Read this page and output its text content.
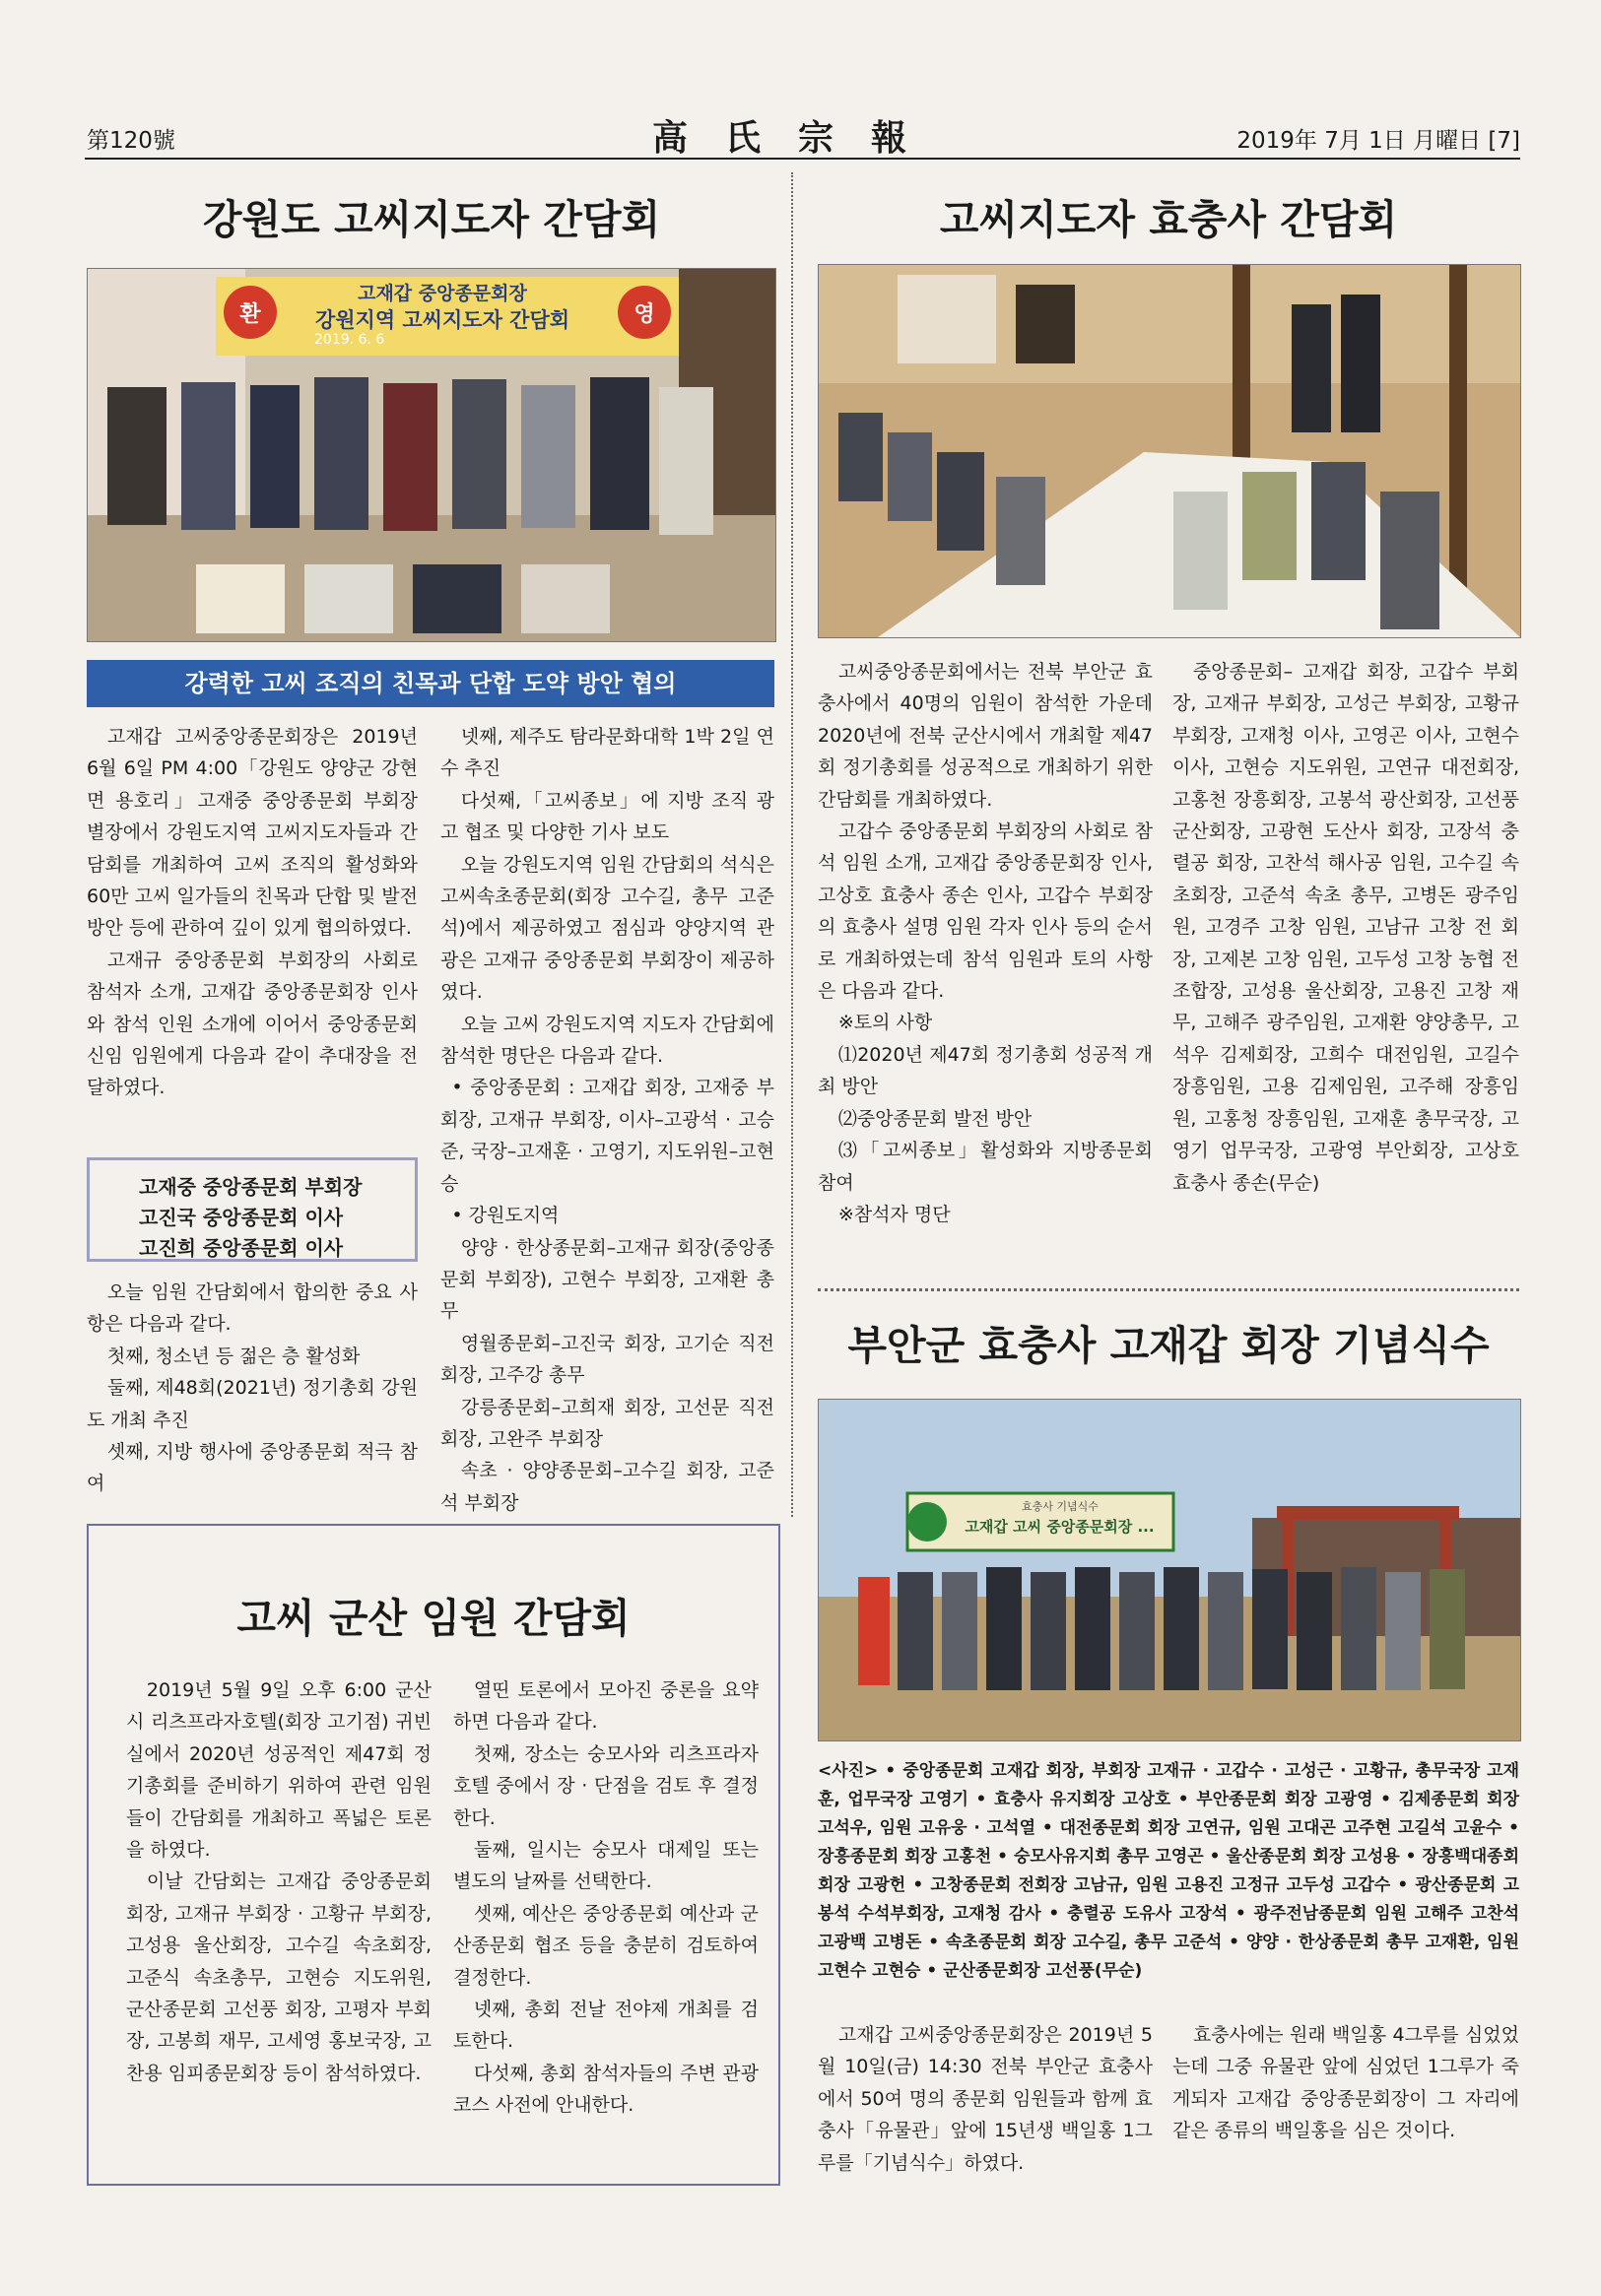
第120號	高氏宗報	2019年 7月 1日 月曜日 [7]
강원도 고씨지도자 간담회
고재갑 중앙종문회장
강원지역 고씨지도자 간담회
2019. 6. 6
환	영
강력한 고씨 조직의 친목과 단합 도약 방안 협의

고재갑 고씨중앙종문회장은 2019년 6월 6일 PM 4:00「강원도 양양군 강현면 용호리」고재중 중앙종문회 부회장 별장에서 강원도지역 고씨지도자들과 간담회를 개최하여 고씨 조직의 활성화와 60만 고씨 일가들의 친목과 단합 및 발전방안 등에 관하여 깊이 있게 협의하였다.

고재규 중앙종문회 부회장의 사회로 참석자 소개, 고재갑 중앙종문회장 인사와 참석 인원 소개에 이어서 중앙종문회 신임 임원에게 다음과 같이 추대장을 전달하였다.

고재중 중앙종문회 부회장
고진국 중앙종문회 이사
고진희 중앙종문회 이사

오늘 임원 간담회에서 합의한 중요 사항은 다음과 같다.

첫째, 청소년 등 젊은 층 활성화

둘째, 제48회(2021년) 정기총회 강원도 개최 추진

셋째, 지방 행사에 중앙종문회 적극 참여

넷째, 제주도 탐라문화대학 1박 2일 연수 추진

다섯째,「고씨종보」에 지방 조직 광고 협조 및 다양한 기사 보도

오늘 강원도지역 임원 간담회의 석식은 고씨속초종문회(회장 고수길, 총무 고준석)에서 제공하였고 점심과 양양지역 관광은 고재규 중앙종문회 부회장이 제공하였다.

오늘 고씨 강원도지역 지도자 간담회에 참석한 명단은 다음과 같다.

• 중앙종문회 : 고재갑 회장, 고재중 부회장, 고재규 부회장, 이사–고광석 · 고승준, 국장–고재훈 · 고영기, 지도위원–고현승

• 강원도지역

양양 · 한상종문회–고재규 회장(중앙종문회 부회장), 고현수 부회장, 고재환 총무

영월종문회–고진국 회장, 고기순 직전회장, 고주강 총무

강릉종문회–고희재 회장, 고선문 직전회장, 고완주 부회장

속초 · 양양종문회–고수길 회장, 고준석 부회장

고씨지도자 효충사 간담회

고씨중앙종문회에서는 전북 부안군 효충사에서 40명의 임원이 참석한 가운데 2020년에 전북 군산시에서 개최할 제47회 정기총회를 성공적으로 개최하기 위한 간담회를 개최하였다.

고갑수 중앙종문회 부회장의 사회로 참석 임원 소개, 고재갑 중앙종문회장 인사, 고상호 효충사 종손 인사, 고갑수 부회장의 효충사 설명 임원 각자 인사 등의 순서로 개최하였는데 참석 임원과 토의 사항은 다음과 같다.

※토의 사항

⑴2020년 제47회 정기총회 성공적 개최 방안

⑵중앙종문회 발전 방안

⑶「고씨종보」활성화와 지방종문회 참여

※참석자 명단

중앙종문회– 고재갑 회장, 고갑수 부회장, 고재규 부회장, 고성근 부회장, 고황규 부회장, 고재청 이사, 고영곤 이사, 고현수 이사, 고현승 지도위원, 고연규 대전회장, 고홍천 장흥회장, 고봉석 광산회장, 고선풍 군산회장, 고광현 도산사 회장, 고장석 충렬공 회장, 고찬석 해사공 임원, 고수길 속초회장, 고준석 속초 총무, 고병돈 광주임원, 고경주 고창 임원, 고남규 고창 전 회장, 고제본 고창 임원, 고두성 고창 농협 전 조합장, 고성용 울산회장, 고용진 고창 재무, 고해주 광주임원, 고재환 양양총무, 고석우 김제회장, 고희수 대전임원, 고길수 장흥임원, 고용 김제임원, 고주해 장흥임원, 고홍청 장흥임원, 고재훈 총무국장, 고영기 업무국장, 고광영 부안회장, 고상호 효충사 종손(무순)

부안군 효충사 고재갑 회장 기념식수
효충사 기념식수
고재갑 고씨 중앙종문회장 ...

<사진> • 중앙종문회 고재갑 회장, 부회장 고재규 · 고갑수 · 고성근 · 고황규, 총무국장 고재훈, 업무국장 고영기 • 효충사 유지회장 고상호 • 부안종문회 회장 고광영 • 김제종문회 회장 고석우, 임원 고유웅 · 고석열 • 대전종문회 회장 고연규, 임원 고대곤 고주현 고길석 고윤수 • 장흥종문회 회장 고홍천 • 숭모사유지회 총무 고영곤 • 울산종문회 회장 고성용 • 장흥백대종회 회장 고광헌 • 고창종문회 전회장 고남규, 임원 고용진 고정규 고두성 고갑수 • 광산종문회 고봉석 수석부회장, 고재청 감사 • 충렬공 도유사 고장석 • 광주전남종문회 임원 고해주 고찬석 고광백 고병돈 • 속초종문회 회장 고수길, 총무 고준석 • 양양 · 한상종문회 총무 고재환, 임원 고현수 고현승 • 군산종문회장 고선풍(무순)

고재갑 고씨중앙종문회장은 2019년 5월 10일(금) 14:30 전북 부안군 효충사에서 50여 명의 종문회 임원들과 함께 효충사「유물관」앞에 15년생 백일홍 1그루를「기념식수」하였다.

효충사에는 원래 백일홍 4그루를 심었었는데 그중 유물관 앞에 심었던 1그루가 죽게되자 고재갑 중앙종문회장이 그 자리에 같은 종류의 백일홍을 심은 것이다.

고씨 군산 임원 간담회

2019년 5월 9일 오후 6:00 군산시 리츠프라자호텔(회장 고기점) 귀빈실에서 2020년 성공적인 제47회 정기총회를 준비하기 위하여 관련 임원들이 간담회를 개최하고 폭넓은 토론을 하였다.

이날 간담회는 고재갑 중앙종문회 회장, 고재규 부회장 · 고황규 부회장, 고성용 울산회장, 고수길 속초회장, 고준식 속초총무, 고현승 지도위원, 군산종문회 고선풍 회장, 고평자 부회장, 고봉희 재무, 고세영 홍보국장, 고찬용 임피종문회장 등이 참석하였다.

열띤 토론에서 모아진 중론을 요약하면 다음과 같다.

첫째, 장소는 숭모사와 리츠프라자 호텔 중에서 장 · 단점을 검토 후 결정한다.

둘째, 일시는 숭모사 대제일 또는 별도의 날짜를 선택한다.

셋째, 예산은 중앙종문회 예산과 군산종문회 협조 등을 충분히 검토하여 결정한다.

넷째, 총회 전날 전야제 개최를 검토한다.

다섯째, 총회 참석자들의 주변 관광코스 사전에 안내한다.
